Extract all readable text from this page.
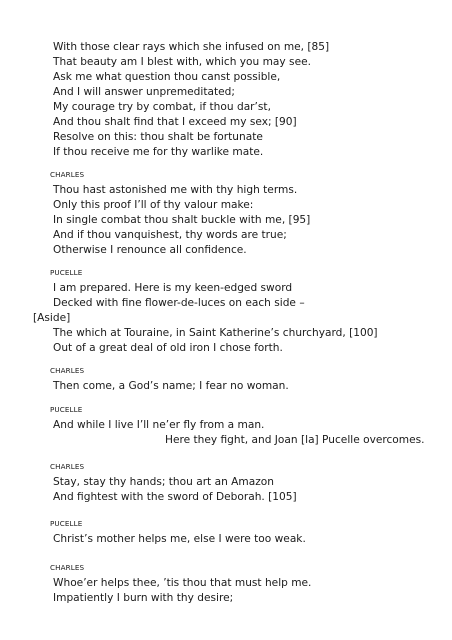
With those clear rays which she infused on me, [85]
That beauty am I blest with, which you may see.
Ask me what question thou canst possible,
And I will answer unpremeditated;
My courage try by combat, if thou dar’st,
And thou shalt find that I exceed my sex; [90]
Resolve on this: thou shalt be fortunate
If thou receive me for thy warlike mate.
CHARLES
Thou hast astonished me with thy high terms.
Only this proof I’ll of thy valour make:
In single combat thou shalt buckle with me, [95]
And if thou vanquishest, thy words are true;
Otherwise I renounce all confidence.
PUCELLE
I am prepared. Here is my keen-edged sword
Decked with fine flower-de-luces on each side –
[Aside]
The which at Touraine, in Saint Katherine’s churchyard, [100]
Out of a great deal of old iron I chose forth.
CHARLES
Then come, a God’s name; I fear no woman.
PUCELLE
And while I live I’ll ne’er fly from a man.
Here they fight, and Joan [la] Pucelle overcomes.
CHARLES
Stay, stay thy hands; thou art an Amazon
And fightest with the sword of Deborah. [105]
PUCELLE
Christ’s mother helps me, else I were too weak.
CHARLES
Whoe’er helps thee, ’tis thou that must help me.
Impatiently I burn with thy desire;
